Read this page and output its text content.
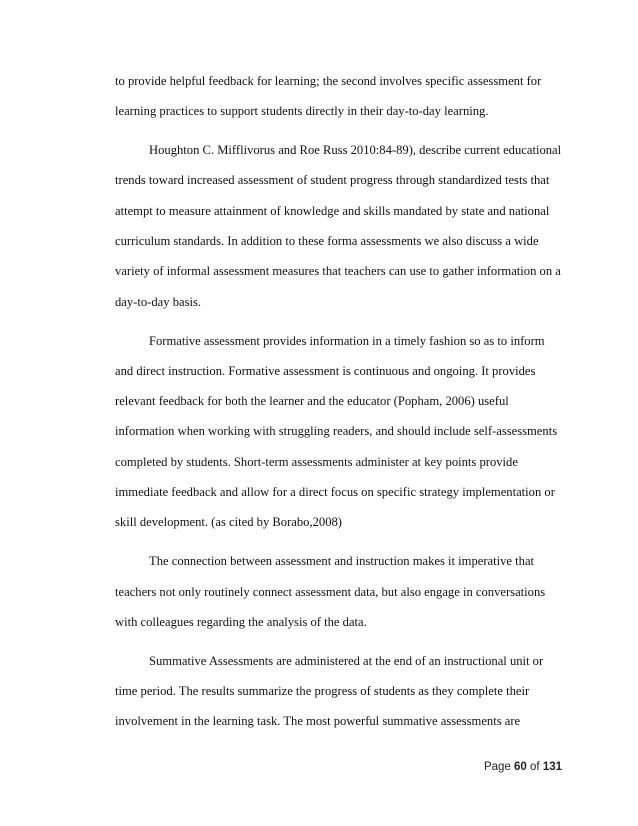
to provide helpful feedback for learning; the second involves specific assessment for
learning practices to support students directly in their day-to-day learning.

Houghton C. Mifflivorus and Roe Russ 2010:84-89), describe current educational
trends toward increased assessment of student progress through standardized tests that
attempt to measure attainment of knowledge and skills mandated by state and national
curriculum standards. In addition to these forma assessments we also discuss a wide
variety of informal assessment measures that teachers can use to gather information on a
day-to-day basis.

Formative assessment provides information in a timely fashion so as to inform
and direct instruction. Formative assessment is continuous and ongoing. It provides
relevant feedback for both the learner and the educator (Popham, 2006) useful
information when working with struggling readers, and should include self-assessments
completed by students. Short-term assessments administer at key points provide
immediate feedback and allow for a direct focus on specific strategy implementation or
skill development. (as cited by Borabo,2008)

The connection between assessment and instruction makes it imperative that
teachers not only routinely connect assessment data, but also engage in conversations
with colleagues regarding the analysis of the data.

Summative Assessments are administered at the end of an instructional unit or
time period. The results summarize the progress of students as they complete their
involvement in the learning task. The most powerful summative assessments are

Page 60 of 131
